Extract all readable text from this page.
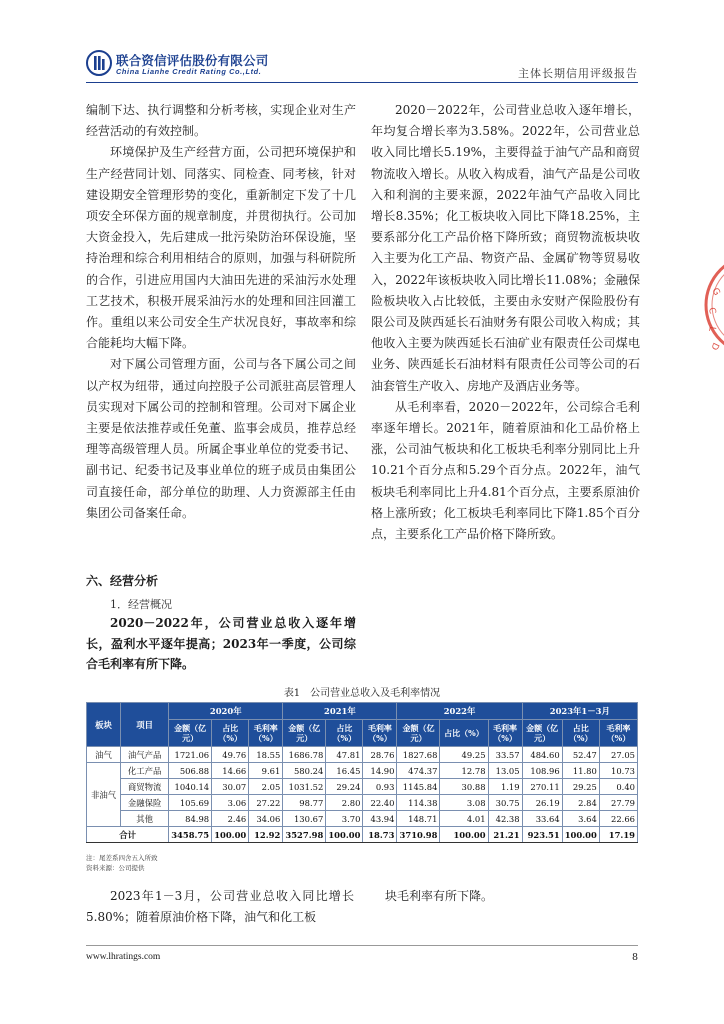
联合资信评估股份有限公司
China Lianhe Credit Rating Co.,Ltd.	主体长期信用评级报告

编制下达、执行调整和分析考核，实现企业对生产经营活动的有效控制。

环境保护及生产经营方面，公司把环境保护和生产经营同计划、同落实、同检查、同考核，针对建设期安全管理形势的变化，重新制定下发了十几项安全环保方面的规章制度，并贯彻执行。公司加大资金投入，先后建成一批污染防治环保设施，坚持治理和综合利用相结合的原则，加强与科研院所的合作，引进应用国内大油田先进的采油污水处理工艺技术，积极开展采油污水的处理和回注回灌工作。重组以来公司安全生产状况良好，事故率和综合能耗均大幅下降。

对下属公司管理方面，公司与各下属公司之间以产权为纽带，通过向控股子公司派驻高层管理人员实现对下属公司的控制和管理。公司对下属企业主要是依法推荐或任免董、监事会成员，推荐总经理等高级管理人员。所属企事业单位的党委书记、副书记、纪委书记及事业单位的班子成员由集团公司直接任命，部分单位的助理、人力资源部主任由集团公司备案任命。

六、经营分析
1．经营概况
2020－2022年，公司营业总收入逐年增长，盈利水平逐年提高；2023年一季度，公司综合毛利率有所下降。

2020－2022年，公司营业总收入逐年增长，年均复合增长率为3.58%。2022年，公司营业总收入同比增长5.19%，主要得益于油气产品和商贸物流收入增长。从收入构成看，油气产品是公司收入和利润的主要来源，2022年油气产品收入同比增长8.35%；化工板块收入同比下降18.25%，主要系部分化工产品价格下降所致；商贸物流板块收入主要为化工产品、物资产品、金属矿物等贸易收入，2022年该板块收入同比增长11.08%；金融保险板块收入占比较低，主要由永安财产保险股份有限公司及陕西延长石油财务有限公司收入构成；其他收入主要为陕西延长石油矿业有限责任公司煤电业务、陕西延长石油材料有限责任公司等公司的石油套管生产收入、房地产及酒店业务等。

从毛利率看，2020－2022年，公司综合毛利率逐年增长。2021年，随着原油和化工品价格上涨，公司油气板块和化工板块毛利率分别同比上升10.21个百分点和5.29个百分点。2022年，油气板块毛利率同比上升4.81个百分点，主要系原油价格上涨所致；化工板块毛利率同比下降1.85个百分点，主要系化工产品价格下降所致。

G
C
L
D
表1　公司营业总收入及毛利率情况
板块	项目	2020年			2021年			2022年			2023年1－3月		
		金额（亿元）	占比（%）	毛利率（%）	金额（亿元）	占比（%）	毛利率（%）	金额（亿元）	占比（%）	毛利率（%）	金额（亿元）	占比（%）	毛利率（%）
油气	油气产品	1721.06	49.76	18.55	1686.78	47.81	28.76	1827.68	49.25	33.57	484.60	52.47	27.05
非油气	化工产品	506.88	14.66	9.61	580.24	16.45	14.90	474.37	12.78	13.05	108.96	11.80	10.73
	商贸物流	1040.14	30.07	2.05	1031.52	29.24	0.93	1145.84	30.88	1.19	270.11	29.25	0.40
	金融保险	105.69	3.06	27.22	98.77	2.80	22.40	114.38	3.08	30.75	26.19	2.84	27.79
	其他	84.98	2.46	34.06	130.67	3.70	43.94	148.71	4.01	42.38	33.64	3.64	22.66
合计		3458.75	100.00	12.92	3527.98	100.00	18.73	3710.98	100.00	21.21	923.51	100.00	17.19
注：尾差系四舍五入所致
资料来源：公司提供
2023年1－3月，公司营业总收入同比增长5.80%；随着原油价格下降，油气和化工板
块毛利率有所下降。
www.lhratings.com	8
